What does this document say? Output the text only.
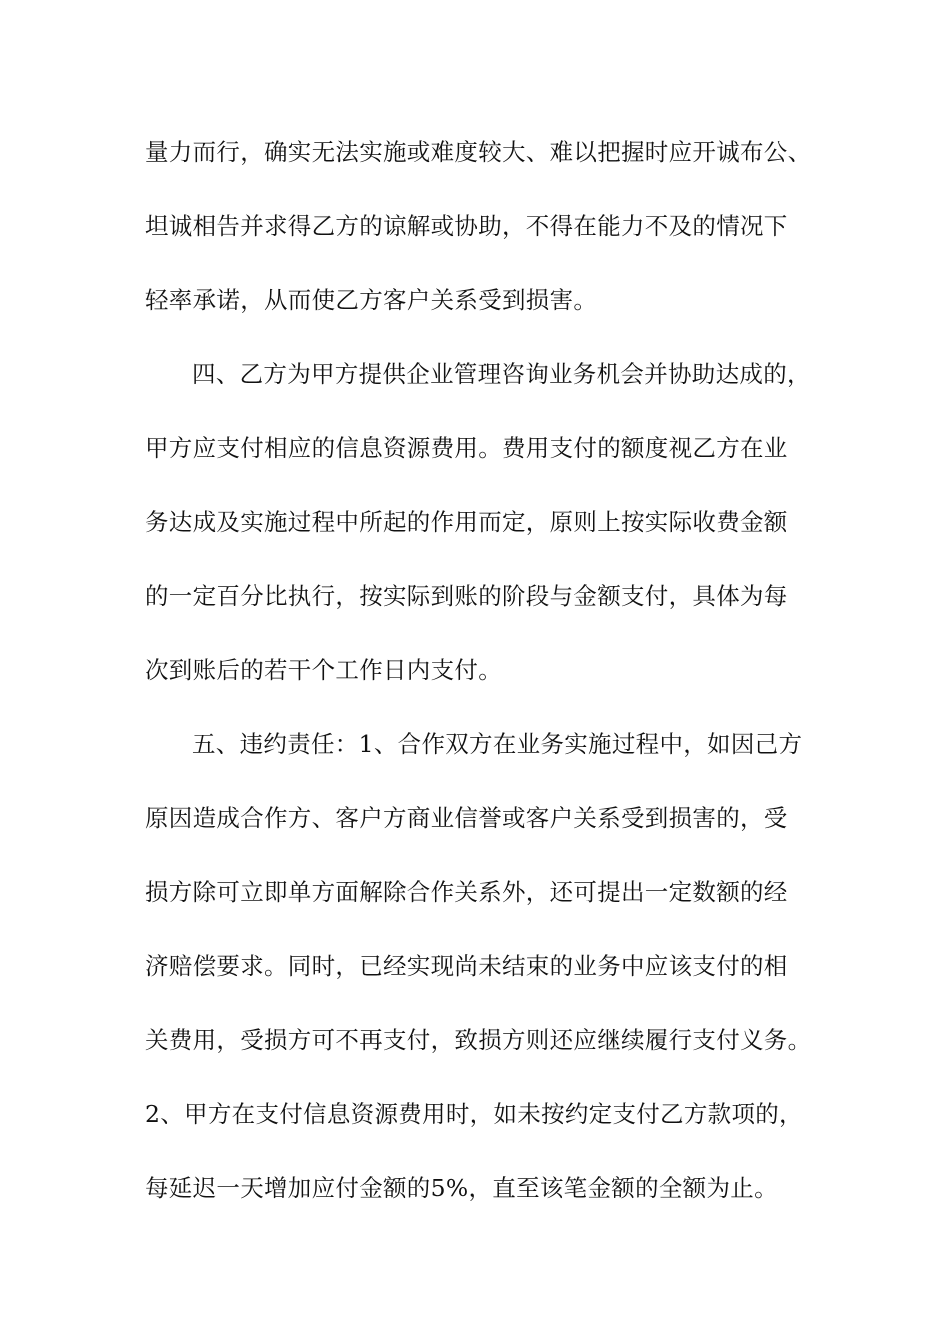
量力而行，确实无法实施或难度较大、难以把握时应开诚布公、
坦诚相告并求得乙方的谅解或协助，不得在能力不及的情况下
轻率承诺，从而使乙方客户关系受到损害。
四、乙方为甲方提供企业管理咨询业务机会并协助达成的，
甲方应支付相应的信息资源费用。费用支付的额度视乙方在业
务达成及实施过程中所起的作用而定，原则上按实际收费金额
的一定百分比执行，按实际到账的阶段与金额支付，具体为每
次到账后的若干个工作日内支付。
五、违约责任：1、合作双方在业务实施过程中，如因己方
原因造成合作方、客户方商业信誉或客户关系受到损害的，受
损方除可立即单方面解除合作关系外，还可提出一定数额的经
济赔偿要求。同时，已经实现尚未结束的业务中应该支付的相
关费用，受损方可不再支付，致损方则还应继续履行支付义务。
2、甲方在支付信息资源费用时，如未按约定支付乙方款项的，
每延迟一天增加应付金额的5%，直至该笔金额的全额为止。
